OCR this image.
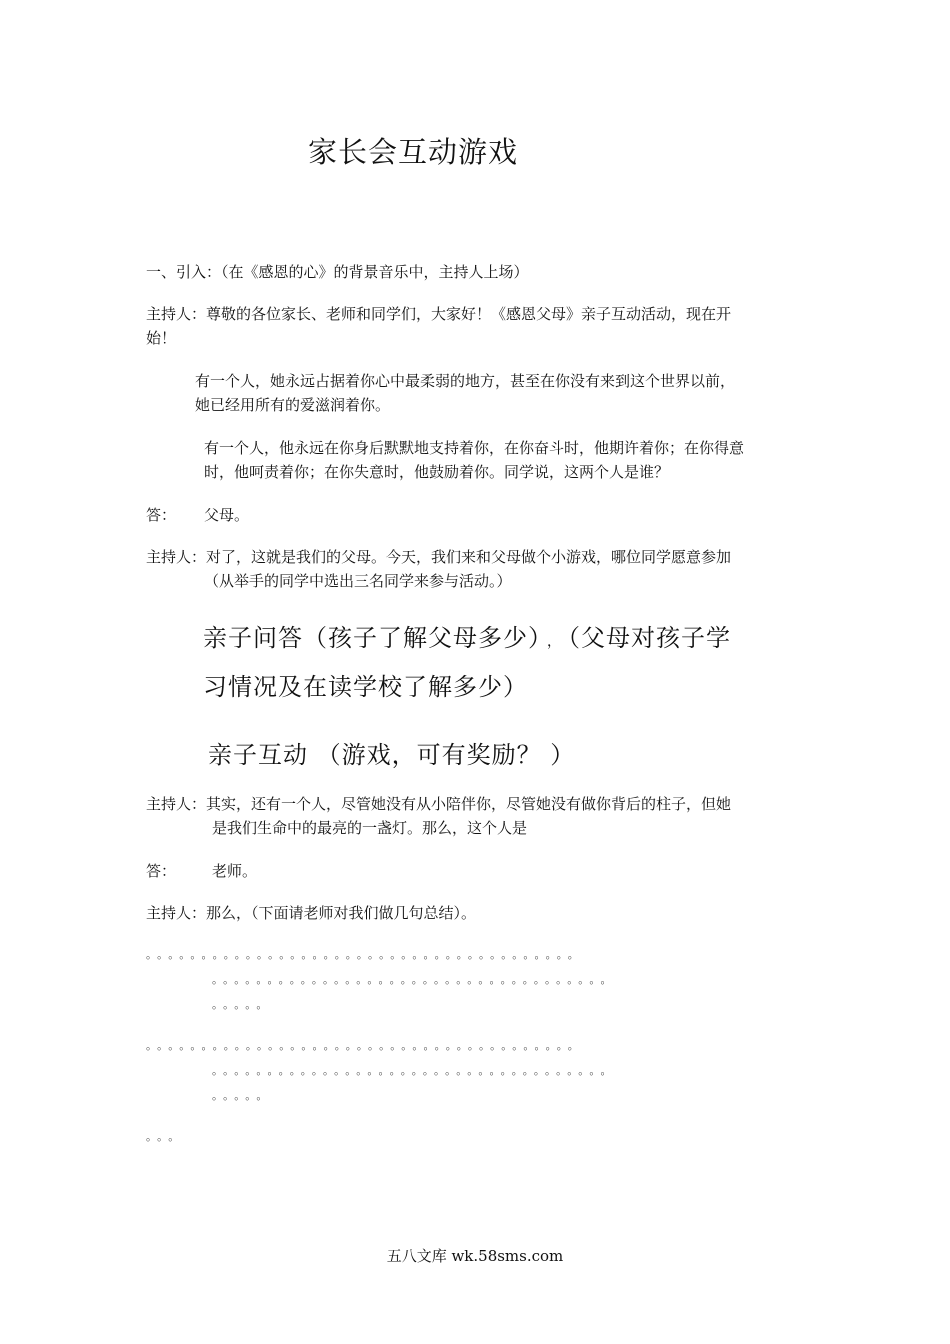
家长会互动游戏
一、引入：（在《感恩的心》的背景音乐中，主持人上场）
主持人：尊敬的各位家长、老师和同学们，大家好！《感恩父母》亲子互动活动，现在开
始！
有一个人，她永远占据着你心中最柔弱的地方，甚至在你没有来到这个世界以前，
她已经用所有的爱滋润着你。
有一个人，他永远在你身后默默地支持着你，在你奋斗时，他期许着你；在你得意
时，他呵责着你；在你失意时，他鼓励着你。同学说，这两个人是谁？
答： 父母。
主持人：对了，这就是我们的父母。今天，我们来和父母做个小游戏，哪位同学愿意参加
（从举手的同学中选出三名同学来参与活动。）
亲子问答（孩子了解父母多少） ， （父母对孩子学
习情况及在读学校了解多少）
亲子互动 （游戏，可有奖励？ ）
主持人：其实，还有一个人，尽管她没有从小陪伴你，尽管她没有做你背后的柱子，但她
是我们生命中的最亮的一盏灯。那么，这个人是
答： 老师。
主持人：那么，（下面请老师对我们做几句总结）。
。。。。。。。。。。。。。。。。。。。。。。。。。。。。。。。。。。。。。。。
。。。。。。。。。。。。。。。。。。。。。。。。。。。。。。。。。。。。
。。。。。
。。。。。。。。。。。。。。。。。。。。。。。。。。。。。。。。。。。。。。。
。。。。。。。。。。。。。。。。。。。。。。。。。。。。。。。。。。。。
。。。。。
。。。
五八文库 wk.58sms.com
